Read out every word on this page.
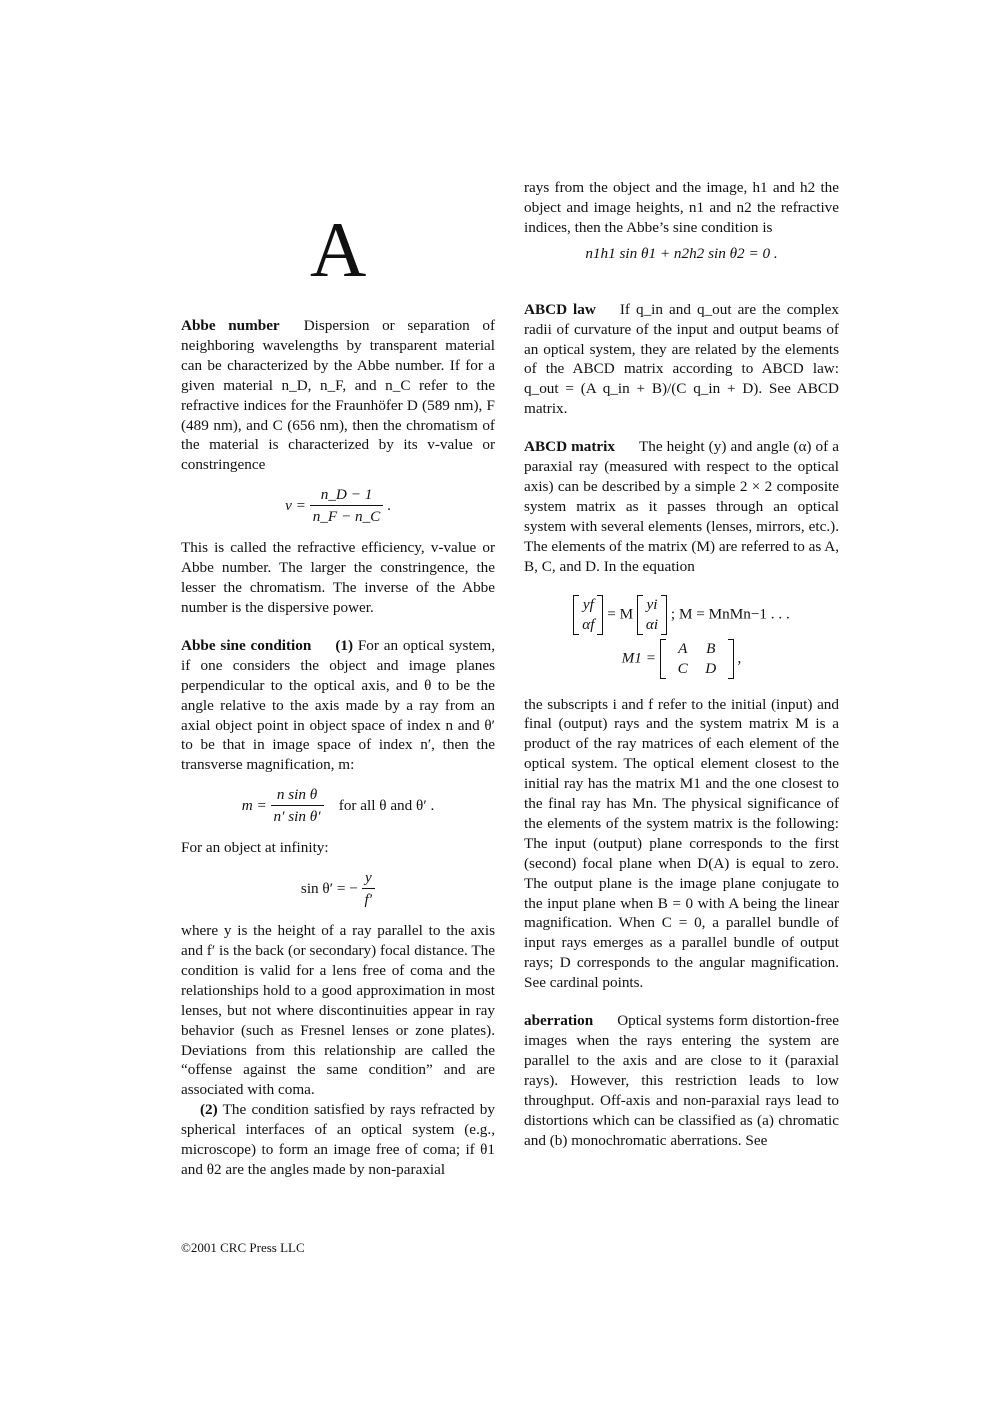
A

Abbe number Dispersion or separation of neighboring wavelengths by transparent material can be characterized by the Abbe number. If for a given material n_D, n_F, and n_C refer to the refractive indices for the Fraunhöfer D (589 nm), F (489 nm), and C (656 nm), then the chromatism of the material is characterized by its v-value or constringence

$v = \frac{n\_D - 1}{n\_F - n\_C}$ .

This is called the refractive efficiency, v-value or Abbe number. The larger the constringence, the lesser the chromatism. The inverse of the Abbe number is the dispersive power.

Abbe sine condition (1) For an optical system, if one considers the object and image planes perpendicular to the optical axis, and θ to be the angle relative to the axis made by a ray from an axial object point in object space of index n and θ′ to be that in image space of index n′, then the transverse magnification, m:

$m = \frac{\text{n sin θ}}{\text{n′ sin θ′}}$ for all θ and θ′ .

For an object at infinity:

sin θ′ = − $\frac{y}{f'}$

where y is the height of a ray parallel to the axis and f′ is the back (or secondary) focal distance. The condition is valid for a lens free of coma and the relationships hold to a good approximation in most lenses, but not where discontinuities appear in ray behavior (such as Fresnel lenses or zone plates). Deviations from this relationship are called the “offense against the same condition” and are associated with coma.

(2) The condition satisfied by rays refracted by spherical interfaces of an optical system (e.g., microscope) to form an image free of coma; if θ1 and θ2 are the angles made by non-paraxial

rays from the object and the image, h1 and h2 the object and image heights, n1 and n2 the refractive indices, then the Abbe’s sine condition is

n1h1 sin θ1 + n2h2 sin θ2 = 0 .

ABCD law If q_in and q_out are the complex radii of curvature of the input and output beams of an optical system, they are related by the elements of the ABCD matrix according to ABCD law: q_out = (A q_in + B)/(C q_in + D). See ABCD matrix.

ABCD matrix The height (y) and angle (α) of a paraxial ray (measured with respect to the optical axis) can be described by a simple 2 × 2 composite system matrix as it passes through an optical system with several elements (lenses, mirrors, etc.). The elements of the matrix (M) are referred to as A, B, C, and D. In the equation

yf
αf
= M
yi
αi
; M = MnMn−1 . . .
M1 =
A B
C D
,

the subscripts i and f refer to the initial (input) and final (output) rays and the system matrix M is a product of the ray matrices of each element of the optical system. The optical element closest to the initial ray has the matrix M1 and the one closest to the final ray has Mn. The physical significance of the elements of the system matrix is the following: The input (output) plane corresponds to the first (second) focal plane when D(A) is equal to zero. The output plane is the image plane conjugate to the input plane when B = 0 with A being the linear magnification. When C = 0, a parallel bundle of input rays emerges as a parallel bundle of output rays; D corresponds to the angular magnification. See cardinal points.

aberration Optical systems form distortion-free images when the rays entering the system are parallel to the axis and are close to it (paraxial rays). However, this restriction leads to low throughput. Off-axis and non-paraxial rays lead to distortions which can be classified as (a) chromatic and (b) monochromatic aberrations. See

©2001 CRC Press LLC
